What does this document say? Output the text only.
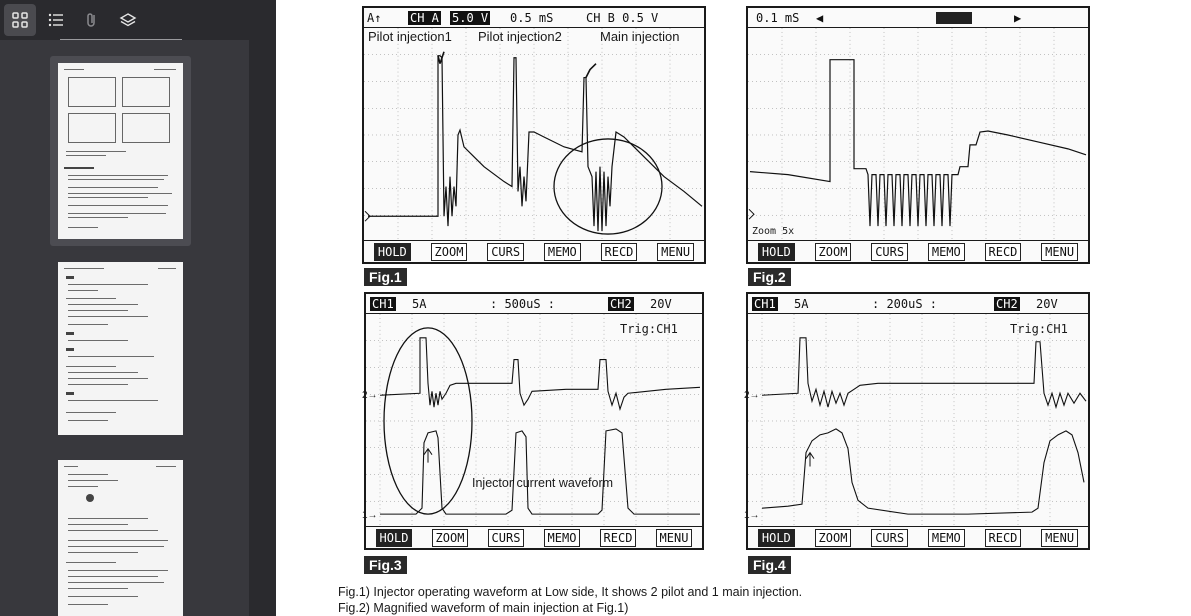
A↑ CH A 5.0 V 0.5 mS	CH B 0.5 V
Pilot injection1 Pilot injection2	Main injection
HOLD	ZOOM	CURS	MEMO	RECD	MENU
Fig.1
0.1 mS ◀	▶
Zoom 5x
HOLD	ZOOM	CURS	MEMO	RECD	MENU
Fig.2
CH1 5A	: 500uS :	CH2 20V
Trig:CH1
Injector current waveform
2→
1→
HOLD	ZOOM	CURS	MEMO	RECD	MENU
Fig.3
CH1 5A	: 200uS :	CH2 20V
Trig:CH1
2→
1→
HOLD	ZOOM	CURS	MEMO	RECD	MENU
Fig.4
Fig.1) Injector operating waveform at Low side, It shows 2 pilot and 1 main injection.
Fig.2) Magnified waveform of main injection at Fig.1)
